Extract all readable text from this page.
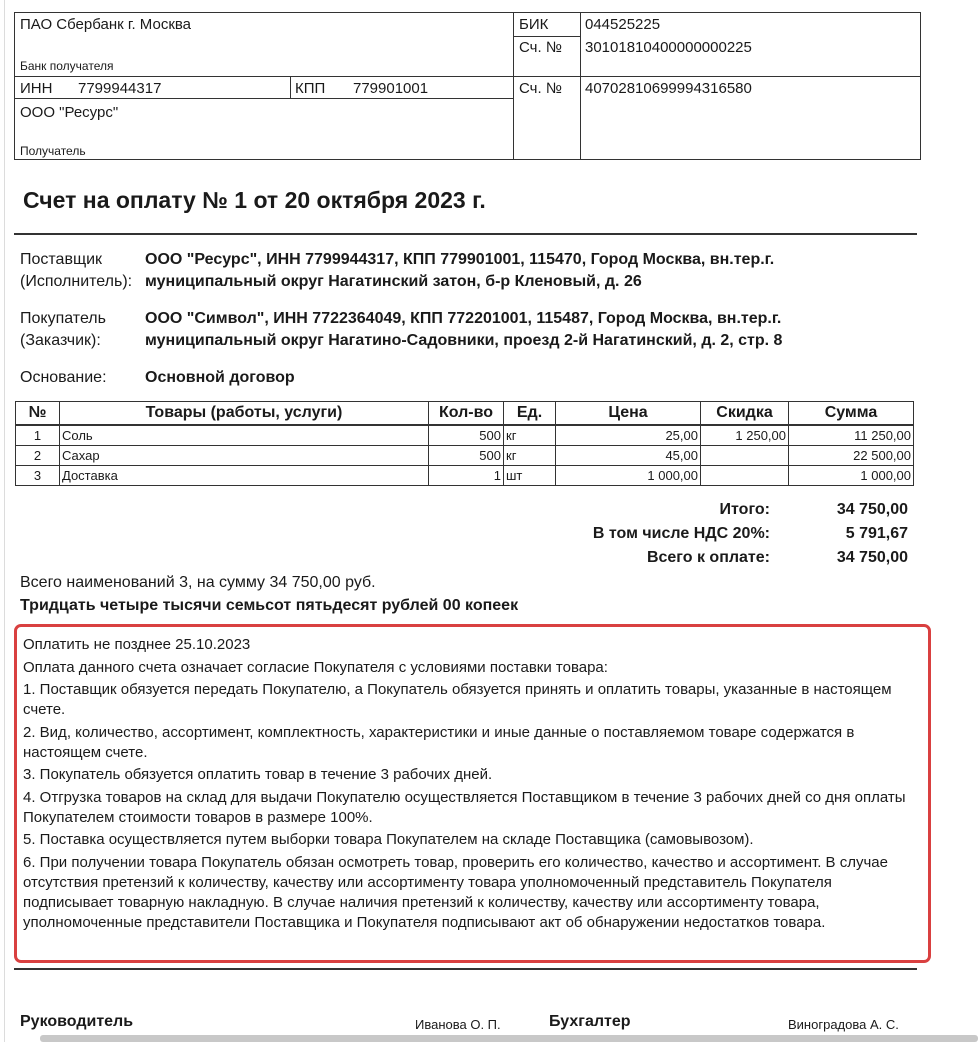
ПАО Сбербанк г. Москва
Банк получателя
БИК 044525225
Сч. № 30101810400000000225
ИНН 7799944317	КПП 779901001	Сч. № 40702810699994316580
ООО "Ресурс"
Получатель
Счет на оплату № 1 от 20 октября 2023 г.
Поставщик
(Исполнитель):
ООО "Ресурс", ИНН 7799944317, КПП 779901001, 115470, Город Москва, вн.тер.г.
муниципальный округ Нагатинский затон, б-р Кленовый, д. 26
Покупатель
(Заказчик):
ООО "Символ", ИНН 7722364049, КПП 772201001, 115487, Город Москва, вн.тер.г.
муниципальный округ Нагатино-Садовники, проезд 2-й Нагатинский, д. 2, стр. 8
Основание: Основной договор
№	Товары (работы, услуги)	Кол-во	Ед.	Цена	Скидка	Сумма
1	Соль	500	кг	25,00	1 250,00	11 250,00
2	Сахар	500	кг	45,00		22 500,00
3	Доставка	1	шт	1 000,00		1 000,00
Итого:	34 750,00
В том числе НДС 20%:	5 791,67
Всего к оплате:	34 750,00
Всего наименований 3, на сумму 34 750,00 руб.
Тридцать четыре тысячи семьсот пятьдесят рублей 00 копеек

Оплатить не позднее 25.10.2023

Оплата данного счета означает согласие Покупателя с условиями поставки товара:

1. Поставщик обязуется передать Покупателю, а Покупатель обязуется принять и оплатить товары, указанные в настоящем счете.

2. Вид, количество, ассортимент, комплектность, характеристики и иные данные о поставляемом товаре содержатся в настоящем счете.

3. Покупатель обязуется оплатить товар в течение 3 рабочих дней.

4. Отгрузка товаров на склад для выдачи Покупателю осуществляется Поставщиком в течение 3 рабочих дней со дня оплаты Покупателем стоимости товаров в размере 100%.

5. Поставка осуществляется путем выборки товара Покупателем на складе Поставщика (самовывозом).

6. При получении товара Покупатель обязан осмотреть товар, проверить его количество, качество и ассортимент. В случае отсутствия претензий к количеству, качеству или ассортименту товара уполномоченный представитель Покупателя подписывает товарную накладную. В случае наличия претензий к количеству, качеству или ассортименту товара, уполномоченные представители Поставщика и Покупателя подписывают акт об обнаружении недостатков товара.

Руководитель	Иванова О. П.	Бухгалтер	Виноградова А. С.
